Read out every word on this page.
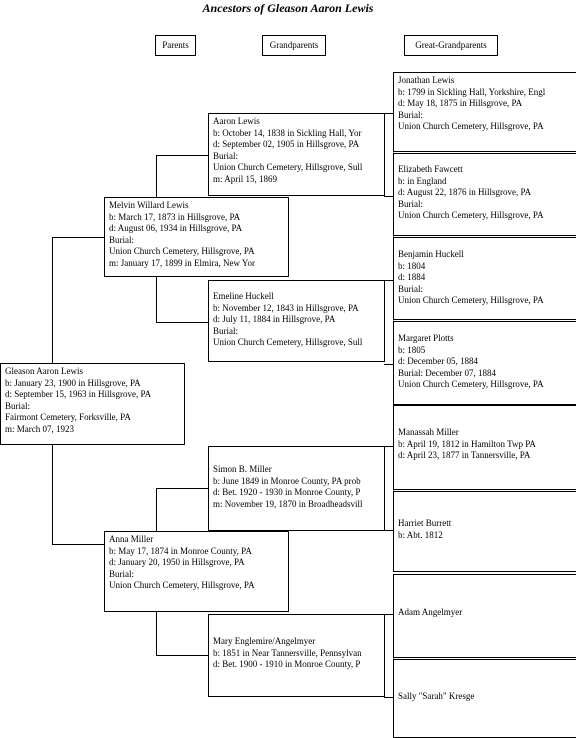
Ancestors of Gleason Aaron Lewis
Parents	Grandparents	Great-Grandparents
Gleason Aaron Lewis
b: January 23, 1900 in Hillsgrove, PA
d: September 15, 1963 in Hillsgrove, PA
Burial:
Fairmont Cemetery, Forksville, PA
m: March 07, 1923
Melvin Willard Lewis
b: March 17, 1873 in Hillsgrove, PA
d: August 06, 1934 in Hillsgrove, PA
Burial:
Union Church Cemetery, Hillsgrove, PA
m: January 17, 1899 in Elmira, New Yor
Anna Miller
b: May 17, 1874 in Monroe County, PA
d: January 20, 1950 in Hillsgrove, PA
Burial:
Union Church Cemetery, Hillsgrove, PA
Aaron Lewis
b: October 14, 1838 in Sickling Hall, Yor
d: September 02, 1905 in Hillsgrove, PA
Burial:
Union Church Cemetery, Hillsgrove, Sull
m: April 15, 1869
Emeline Huckell
b: November 12, 1843 in Hillsgrove, PA
d: July 11, 1884 in Hillsgrove, PA
Burial:
Union Church Cemetery, Hillsgrove, Sull
Simon B. Miller
b: June 1849 in Monroe County, PA prob
d: Bet. 1920 - 1930 in Monroe County, P
m: November 19, 1870 in Broadheadsvill
Mary Englemire/Angelmyer
b: 1851 in Near Tannersville, Pennsylvan
d: Bet. 1900 - 1910 in Monroe County, P
Jonathan Lewis
b: 1799 in Sickling Hall, Yorkshire, Engl
d: May 18, 1875 in Hillsgrove, PA
Burial:
Union Church Cemetery, Hillsgrove, PA
Elizabeth Fawcett
b: in England
d: August 22, 1876 in Hillsgrove, PA
Burial:
Union Church Cemetery, Hillsgrove, PA
Benjamin Huckell
b: 1804
d: 1884
Burial:
Union Church Cemetery, Hillsgrove, PA
Margaret Plotts
b: 1805
d: December 05, 1884
Burial: December 07, 1884
Union Church Cemetery, Hillsgrove, PA
Manassah Miller
b: April 19, 1812 in Hamilton Twp PA
d: April 23, 1877 in Tannersville, PA
Harriet Burrett
b: Abt. 1812
Adam Angelmyer
Sally "Sarah" Kresge
